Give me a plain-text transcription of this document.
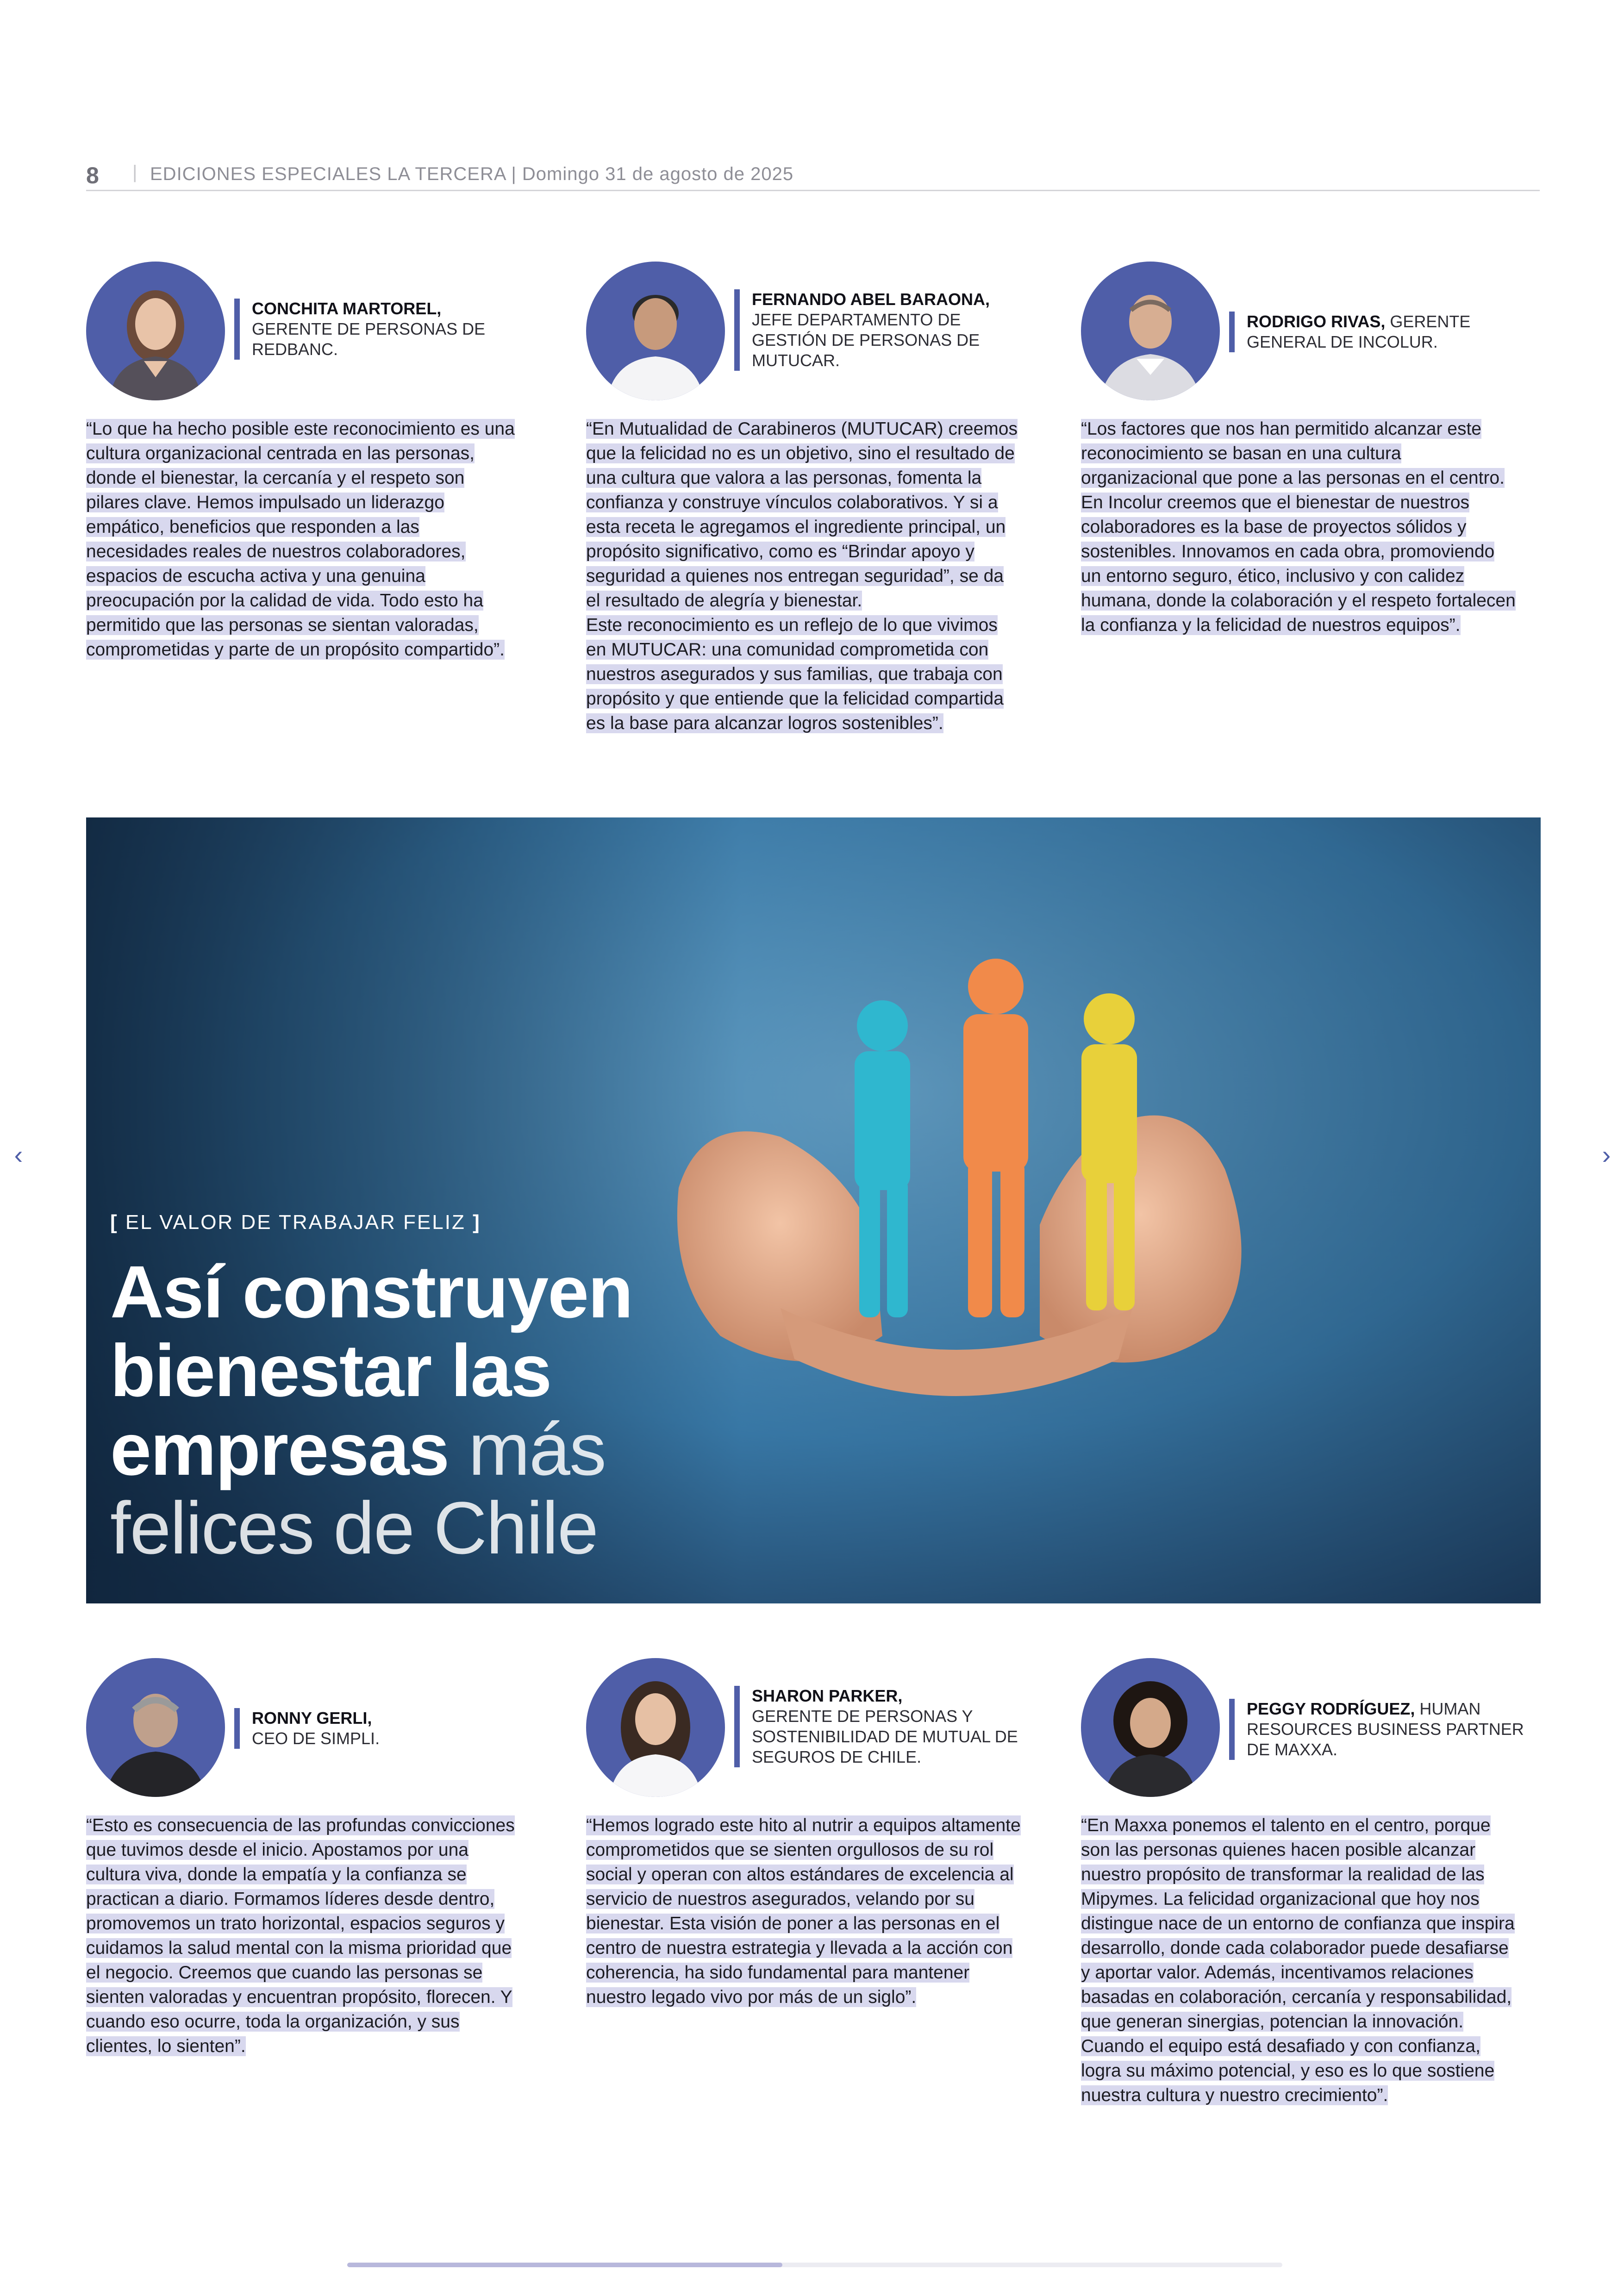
8 | EDICIONES ESPECIALES LA TERCERA | Domingo 31 de agosto de 2025
CONCHITA MARTOREL,
GERENTE DE PERSONAS DE REDBANC.
“Lo que ha hecho posible este reconocimiento es una cultura organizacional centrada en las personas, donde el bienestar, la cercanía y el respeto son pilares clave. Hemos impulsado un liderazgo empático, beneficios que responden a las necesidades reales de nuestros colaboradores, espacios de escucha activa y una genuina preocupación por la calidad de vida. Todo esto ha permitido que las personas se sientan valoradas, comprometidas y parte de un propósito compartido”.
FERNANDO ABEL BARAONA,
JEFE DEPARTAMENTO DE GESTIÓN DE PERSONAS DE MUTUCAR.
“En Mutualidad de Carabineros (MUTUCAR) creemos que la felicidad no es un objetivo, sino el resultado de una cultura que valora a las personas, fomenta la confianza y construye vínculos colaborativos. Y si a esta receta le agregamos el ingrediente principal, un propósito significativo, como es “Brindar apoyo y seguridad a quienes nos entregan seguridad”, se da el resultado de alegría y bienestar.
Este reconocimiento es un reflejo de lo que vivimos en MUTUCAR: una comunidad comprometida con nuestros asegurados y sus familias, que trabaja con propósito y que entiende que la felicidad compartida es la base para alcanzar logros sostenibles”.
RODRIGO RIVAS, GERENTE GENERAL DE INCOLUR.
“Los factores que nos han permitido alcanzar este reconocimiento se basan en una cultura organizacional que pone a las personas en el centro. En Incolur creemos que el bienestar de nuestros colaboradores es la base de proyectos sólidos y sostenibles. Innovamos en cada obra, promoviendo un entorno seguro, ético, inclusivo y con calidez humana, donde la colaboración y el respeto fortalecen la confianza y la felicidad de nuestros equipos”.
[ EL VALOR DE TRABAJAR FELIZ ]
Así construyen
bienestar las
empresas más
felices de Chile
RONNY GERLI,
CEO DE SIMPLI.
“Esto es consecuencia de las profundas convicciones que tuvimos desde el inicio. Apostamos por una cultura viva, donde la empatía y la confianza se practican a diario. Formamos líderes desde dentro, promovemos un trato horizontal, espacios seguros y cuidamos la salud mental con la misma prioridad que el negocio. Creemos que cuando las personas se sienten valoradas y encuentran propósito, florecen. Y cuando eso ocurre, toda la organización, y sus clientes, lo sienten”.
SHARON PARKER,
GERENTE DE PERSONAS Y SOSTENIBILIDAD DE MUTUAL DE SEGUROS DE CHILE.
“Hemos logrado este hito al nutrir a equipos altamente comprometidos que se sienten orgullosos de su rol social y operan con altos estándares de excelencia al servicio de nuestros asegurados, velando por su bienestar. Esta visión de poner a las personas en el centro de nuestra estrategia y llevada a la acción con coherencia, ha sido fundamental para mantener nuestro legado vivo por más de un siglo”.
PEGGY RODRÍGUEZ, HUMAN RESOURCES BUSINESS PARTNER DE MAXXA.
“En Maxxa ponemos el talento en el centro, porque son las personas quienes hacen posible alcanzar nuestro propósito de transformar la realidad de las Mipymes. La felicidad organizacional que hoy nos distingue nace de un entorno de confianza que inspira desarrollo, donde cada colaborador puede desafiarse y aportar valor. Además, incentivamos relaciones basadas en colaboración, cercanía y responsabilidad, que generan sinergias, potencian la innovación. Cuando el equipo está desafiado y con confianza, logra su máximo potencial, y eso es lo que sostiene nuestra cultura y nuestro crecimiento”.
‹	›
